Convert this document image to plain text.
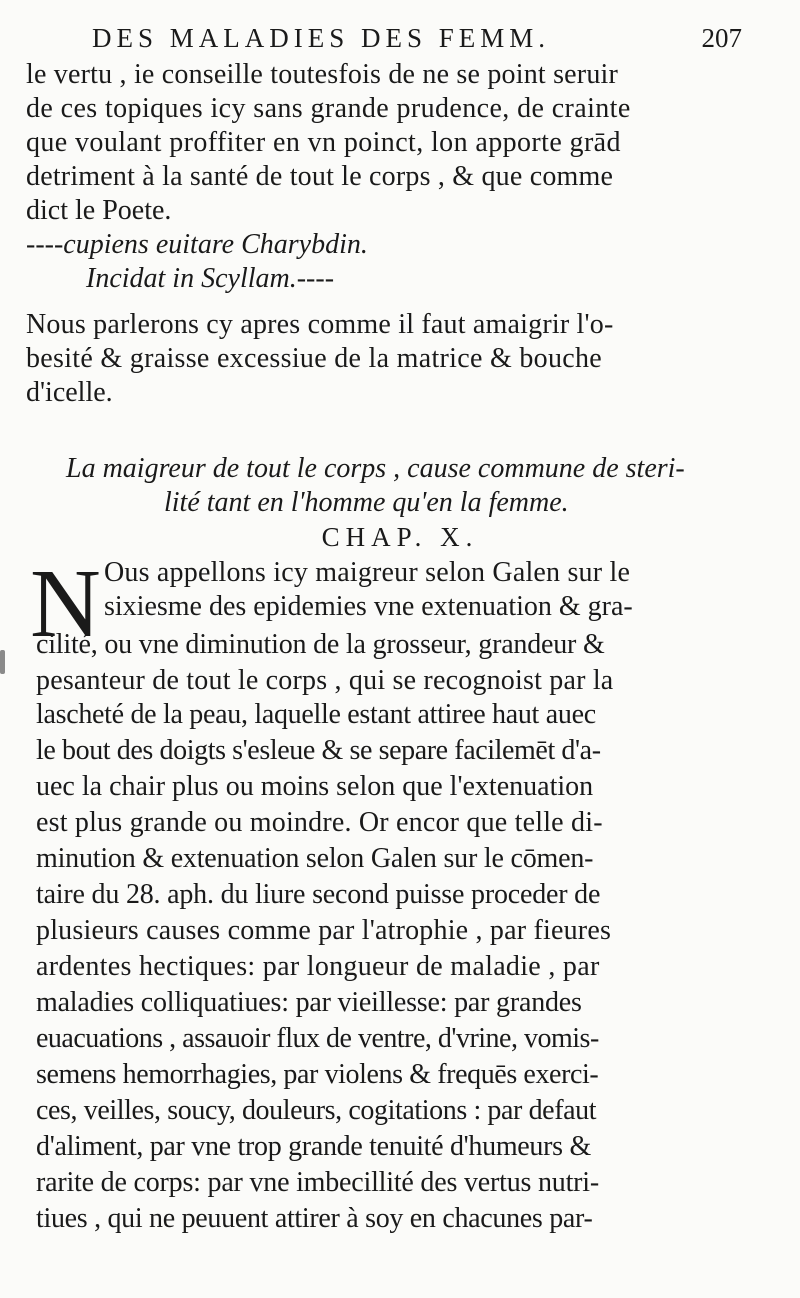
DES MALADIES DES FEMM.	207
le vertu , ie conseille toutesfois de ne se point seruir
de ces topiques icy sans grande prudence, de crainte
que voulant proffiter en vn poinct, lon apporte grād
detriment à la santé de tout le corps , & que comme
dict le Poete.
----cupiens euitare Charybdin.
Incidat in Scyllam.----
Nous parlerons cy apres comme il faut amaigrir l'o-
besité & graisse excessiue de la matrice & bouche
d'icelle.
La maigreur de tout le corps , cause commune de steri-
lité tant en l'homme qu'en la femme.
CHAP. X.
N Ous appellons icy maigreur selon Galen sur le
sixiesme des epidemies vne extenuation & gra-
cilité, ou vne diminution de la grosseur, grandeur &
pesanteur de tout le corps , qui se recognoist par la
lascheté de la peau, laquelle estant attiree haut auec
le bout des doigts s'esleue & se separe facilemēt d'a-
uec la chair plus ou moins selon que l'extenuation
est plus grande ou moindre. Or encor que telle di-
minution & extenuation selon Galen sur le cōmen-
taire du 28. aph. du liure second puisse proceder de
plusieurs causes comme par l'atrophie , par fieures
ardentes hectiques: par longueur de maladie , par
maladies colliquatiues: par vieillesse: par grandes
euacuations , assauoir flux de ventre, d'vrine, vomis-
semens hemorrhagies, par violens & frequēs exerci-
ces, veilles, soucy, douleurs, cogitations : par defaut
d'aliment, par vne trop grande tenuité d'humeurs &
rarite de corps: par vne imbecillité des vertus nutri-
tiues , qui ne peuuent attirer à soy en chacunes par-
